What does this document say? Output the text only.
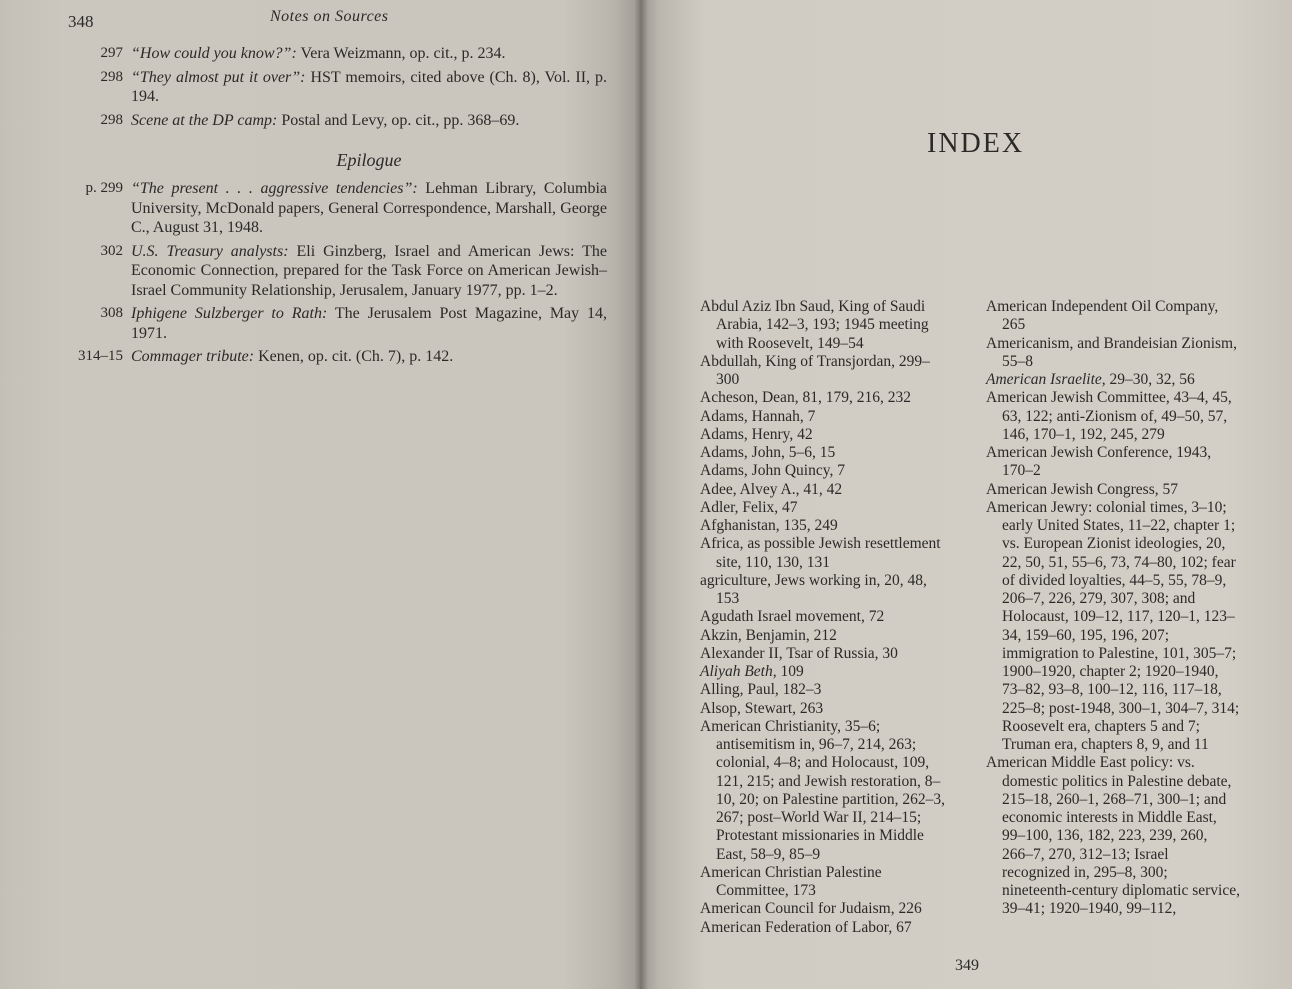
348	Notes on Sources
297 “How could you know?”: Vera Weizmann, op. cit., p. 234.
298 “They almost put it over”: HST memoirs, cited above (Ch. 8), Vol. II, p. 194.
298 Scene at the DP camp: Postal and Levy, op. cit., pp. 368–69.
Epilogue
p. 299 “The present . . . aggressive tendencies”: Lehman Library, Columbia University, McDonald papers, General Correspondence, Marshall, George C., August 31, 1948.
302 U.S. Treasury analysts: Eli Ginzberg, Israel and American Jews: The Economic Connection, prepared for the Task Force on American Jewish–Israel Community Relationship, Jerusalem, January 1977, pp. 1–2.
308 Iphigene Sulzberger to Rath: The Jerusalem Post Magazine, May 14, 1971.
314–15 Commager tribute: Kenen, op. cit. (Ch. 7), p. 142.
INDEX
Abdul Aziz Ibn Saud, King of Saudi Arabia, 142–3, 193; 1945 meeting with Roosevelt, 149–54
Abdullah, King of Transjordan, 299–300
Acheson, Dean, 81, 179, 216, 232
Adams, Hannah, 7
Adams, Henry, 42
Adams, John, 5–6, 15
Adams, John Quincy, 7
Adee, Alvey A., 41, 42
Adler, Felix, 47
Afghanistan, 135, 249
Africa, as possible Jewish resettlement site, 110, 130, 131
agriculture, Jews working in, 20, 48, 153
Agudath Israel movement, 72
Akzin, Benjamin, 212
Alexander II, Tsar of Russia, 30
Aliyah Beth, 109
Alling, Paul, 182–3
Alsop, Stewart, 263
American Christianity, 35–6; antisemitism in, 96–7, 214, 263; colonial, 4–8; and Holocaust, 109, 121, 215; and Jewish restoration, 8–10, 20; on Palestine partition, 262–3, 267; post–World War II, 214–15; Protestant missionaries in Middle East, 58–9, 85–9
American Christian Palestine Committee, 173
American Council for Judaism, 226
American Federation of Labor, 67
American Independent Oil Company, 265
Americanism, and Brandeisian Zionism, 55–8
American Israelite, 29–30, 32, 56
American Jewish Committee, 43–4, 45, 63, 122; anti-Zionism of, 49–50, 57, 146, 170–1, 192, 245, 279
American Jewish Conference, 1943, 170–2
American Jewish Congress, 57
American Jewry: colonial times, 3–10; early United States, 11–22, chapter 1; vs. European Zionist ideologies, 20, 22, 50, 51, 55–6, 73, 74–80, 102; fear of divided loyalties, 44–5, 55, 78–9, 206–7, 226, 279, 307, 308; and Holocaust, 109–12, 117, 120–1, 123–34, 159–60, 195, 196, 207; immigration to Palestine, 101, 305–7; 1900–1920, chapter 2; 1920–1940, 73–82, 93–8, 100–12, 116, 117–18, 225–8; post-1948, 300–1, 304–7, 314; Roosevelt era, chapters 5 and 7; Truman era, chapters 8, 9, and 11
American Middle East policy: vs. domestic politics in Palestine debate, 215–18, 260–1, 268–71, 300–1; and economic interests in Middle East, 99–100, 136, 182, 223, 239, 260, 266–7, 270, 312–13; Israel recognized in, 295–8, 300; nineteenth-century diplomatic service, 39–41; 1920–1940, 99–112,
349
